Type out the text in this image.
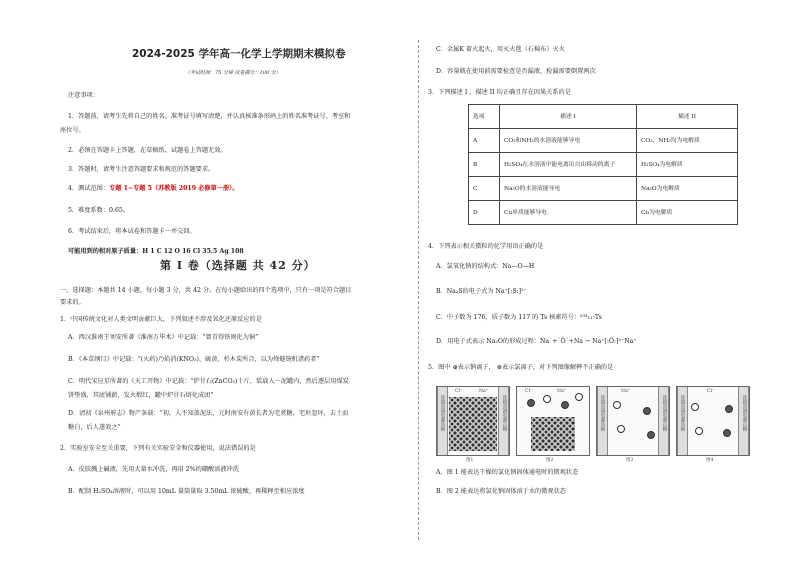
2024-2025 学年高一化学上学期期末模拟卷
（考试时间：75 分钟 试卷满分：100 分）
注意事项：
1．答题前，请考生先将自己的姓名、准考证号填写清楚，并认真核准条形码上的姓名准考证号、考室和
座位号。
2．必须在答题卡上答题，在草稿纸、试题卷上答题无效。
3．答题时，请考生注意答题要求和规范的答题要求。
4．测试范围：专题 1~专题 5（苏教版 2019 必修第一册）。
5．难度系数：0.65。
6．考试结束后，将本试卷和答题卡一并交回。
可能用到的相对原子质量：H 1 C 12 O 16 Cl 35.5 Ag 108
第 I 卷（选择题 共 42 分）
一、选择题：本题共 14 小题，每小题 3 分，共 42 分。在每小题给出的四个选项中，只有一项是符合题目
要求的。
1．中国传统文化对人类文明贡献巨大，下列叙述不涉及氧化还原反应的是
A．西汉淮南王刘安所著《淮南万毕术》中记载：“曾青得铁则化为铜”
B．《本草纲目》中记载：“(火药)乃焰消(KNO₃)、硫黄、杉木炭所合，以为烽燧铳机诸药者”
C．明代宋应星所著的《天工开物》中记载：“炉甘石(ZnCO₃)十斤，装载入一泥罐内，然后逐层用煤炭
饼垫盛，其底铺薪，发火煅红，罐中炉甘石熔化成团”
D．清初《泉州府志》物产条载：“初，人不知盖泥法，元时南安有黄长者为宅煮糖，宅垣忽坏，去土而
糖白，后人遂效之”
2．实验室安全至关重要，下列有关实验安全和仪器使用，说法错误的是
A．皮肤溅上碱液，先用大量水冲洗，再用 2%的硼酸溶液冲洗
B．配制 H₂SO₄溶液时，可以用 10mL 量筒量取 3.50mL 浓硫酸，再稀释至相应浓度
C．金属K 着火起火，用灭火毯（石棉布）灭火
D．容量瓶在使用前需要检查是否漏液，检漏需要倒置两次
3．下列描述 I 、描述 II 均正确且存在因果关系的是
选项	描述 I	描述 II
A	CO₂和NH₃的水溶液能够导电	CO₂、NH₃均为电解质
B	H₂SO₄在水溶液中能电离出自由移动的离子	H₂SO₄为电解质
C	Na₂O的水溶液能导电	Na₂O为电解质
D	Cu单质能够导电	Cu为电解质
4．下列表示相关微粒的化学用语正确的是
A．氯氧化钠的结构式：Na—O—H
B．Na₂S的电子式为 Na⁺[:S:]²⁻
C．中子数为 176，质子数为 117 的 Ts 核素符号：²⁹³₁₁₇Ts
D．用电子式表示 Na₂O的形成过程：Na˙+˙Ö˙+Na → Na⁺[:Ö:]²⁻Na⁺
5．图中 ⊕表示钠离子， ⊛表示氯离子，对下列图像解释不正确的是
连接直流电源负极	连接直流电源正极
Cl⁻	Na⁺
图1
Cl⁻	Na⁺
图2
连接直流电源负极	连接直流电源正极
Na⁺
图3
连接直流电源负极	连接直流电源正极
Cl⁻
图4
A．图 1 能表达干燥的氯化钠固体通电时的微观状态
B．图 2 能表达将氯化钠固体溶于水的微观状态
